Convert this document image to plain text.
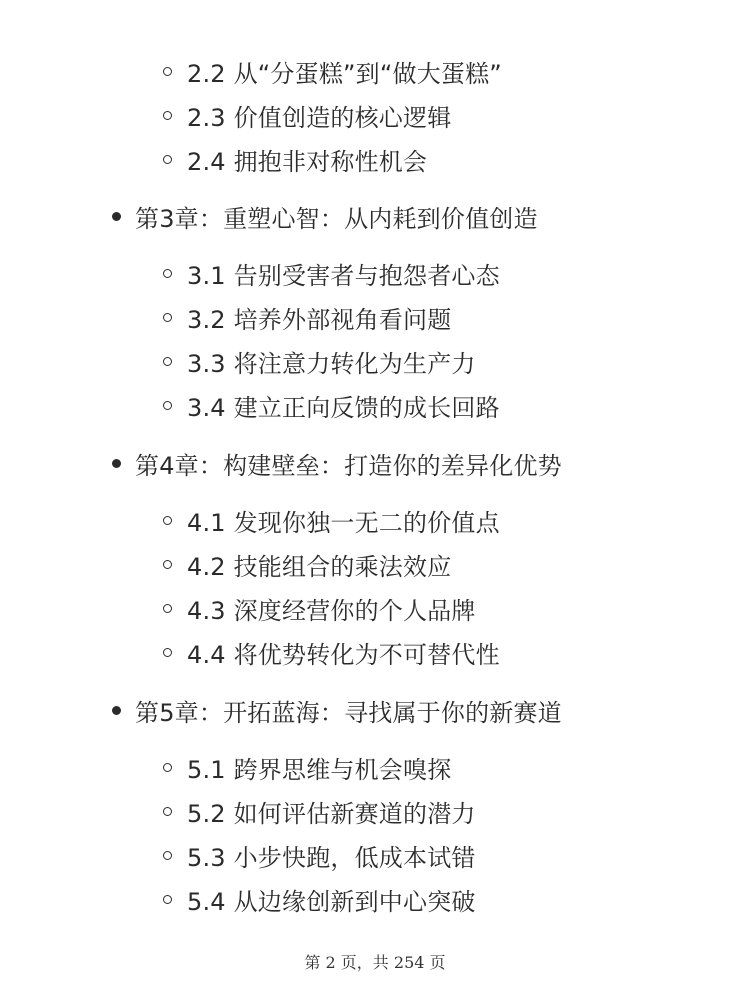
2.2 从“分蛋糕”到“做大蛋糕”
2.3 价值创造的核心逻辑
2.4 拥抱非对称性机会
第3章：重塑心智：从内耗到价值创造
3.1 告别受害者与抱怨者心态
3.2 培养外部视角看问题
3.3 将注意力转化为生产力
3.4 建立正向反馈的成长回路
第4章：构建壁垒：打造你的差异化优势
4.1 发现你独一无二的价值点
4.2 技能组合的乘法效应
4.3 深度经营你的个人品牌
4.4 将优势转化为不可替代性
第5章：开拓蓝海：寻找属于你的新赛道
5.1 跨界思维与机会嗅探
5.2 如何评估新赛道的潜力
5.3 小步快跑，低成本试错
5.4 从边缘创新到中心突破
第 2 页，共 254 页
